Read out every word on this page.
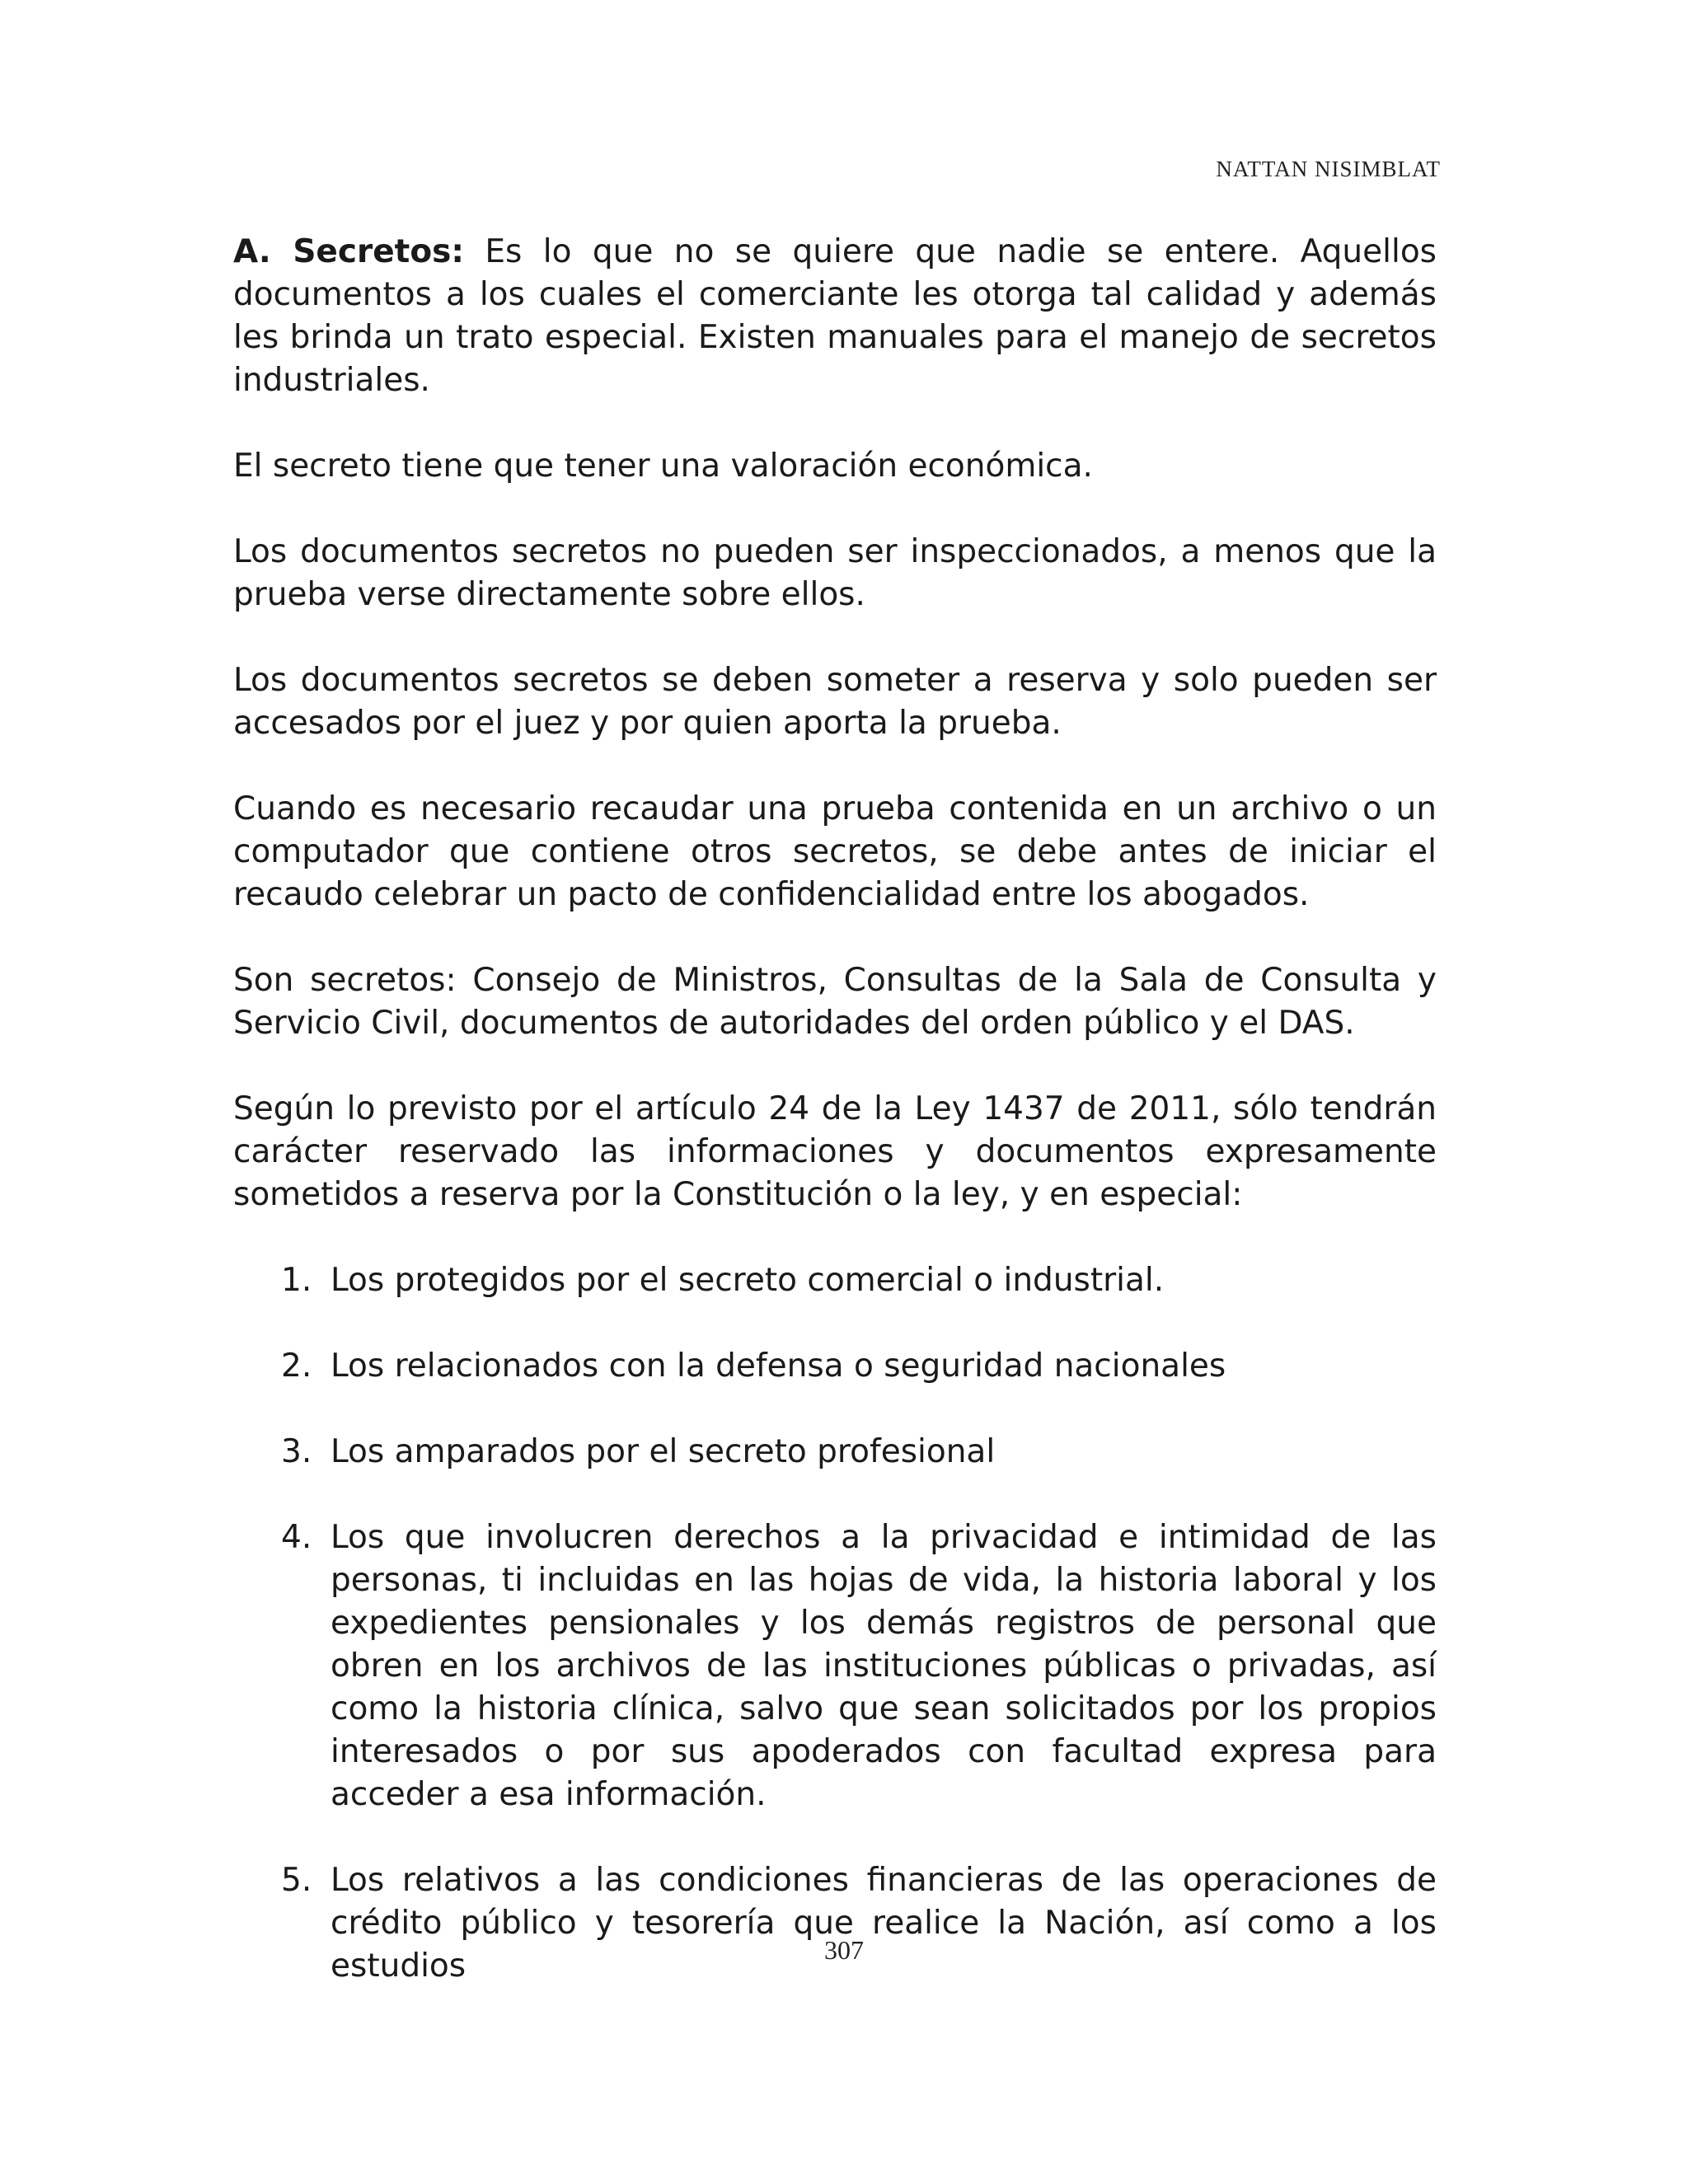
NATTAN NISIMBLAT

A. Secretos: Es lo que no se quiere que nadie se entere. Aquellos documentos a los cuales el comerciante les otorga tal calidad y además les brinda un trato especial. Existen manuales para el manejo de secretos industriales.

El secreto tiene que tener una valoración económica.

Los documentos secretos no pueden ser inspeccionados, a menos que la prueba verse directamente sobre ellos.

Los documentos secretos se deben someter a reserva y solo pueden ser accesados por el juez y por quien aporta la prueba.

Cuando es necesario recaudar una prueba contenida en un archivo o un computador que contiene otros secretos, se debe antes de iniciar el recaudo celebrar un pacto de confidencialidad entre los abogados.

Son secretos: Consejo de Ministros, Consultas de la Sala de Consulta y Servicio Civil, documentos de autoridades del orden público y el DAS.

Según lo previsto por el artículo 24 de la Ley 1437 de 2011, sólo tendrán carácter reservado las informaciones y documentos expresamente sometidos a reserva por la Constitución o la ley, y en especial:

1. Los protegidos por el secreto comercial o industrial.
2. Los relacionados con la defensa o seguridad nacionales
3. Los amparados por el secreto profesional
4. Los que involucren derechos a la privacidad e intimidad de las personas, ti incluidas en las hojas de vida, la historia laboral y los expedientes pensionales y los demás registros de personal que obren en los archivos de las instituciones públicas o privadas, así como la historia clínica, salvo que sean solicitados por los propios interesados o por sus apoderados con facultad expresa para acceder a esa información.
5. Los relativos a las condiciones financieras de las operaciones de crédito público y tesorería que realice la Nación, así como a los estudios	307
